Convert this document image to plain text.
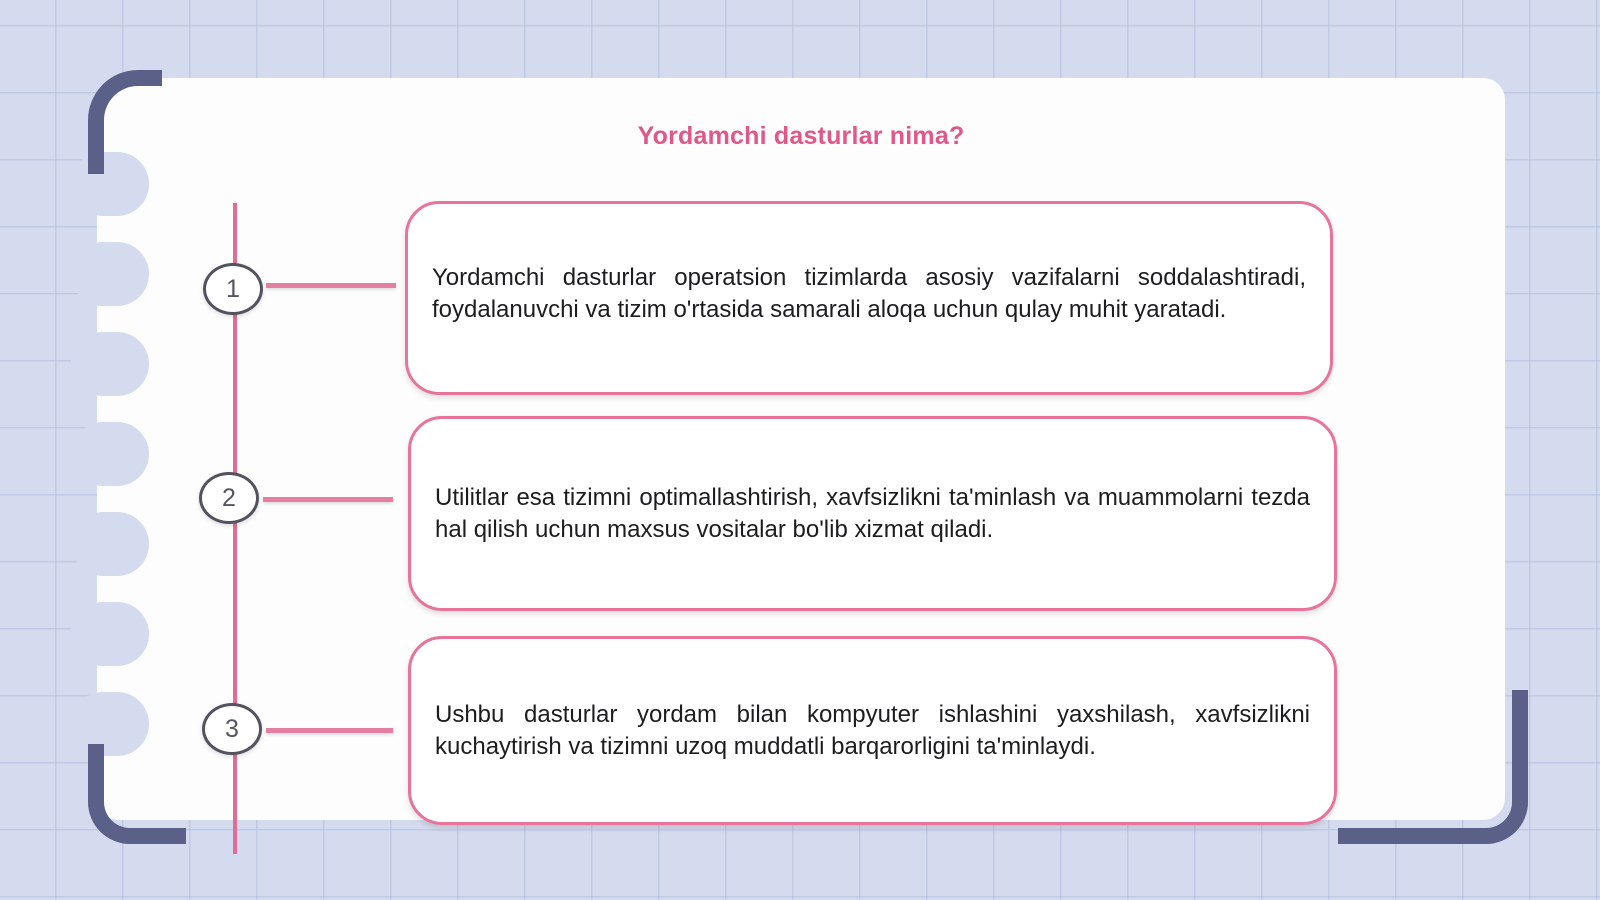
Yordamchi dasturlar nima?
1	Yordamchi dasturlar operatsion tizimlarda asosiy vazifalarni soddalashtiradi, foydalanuvchi va tizim o'rtasida samarali aloqa uchun qulay muhit yaratadi.

2	Utilitlar esa tizimni optimallashtirish, xavfsizlikni ta'minlash va muammolarni tezda hal qilish uchun maxsus vositalar bo'lib xizmat qiladi.

3

Ushbu dasturlar yordam bilan kompyuter ishlashini yaxshilash, xavfsizlikni kuchaytirish va tizimni uzoq muddatli barqarorligini ta'minlaydi.
